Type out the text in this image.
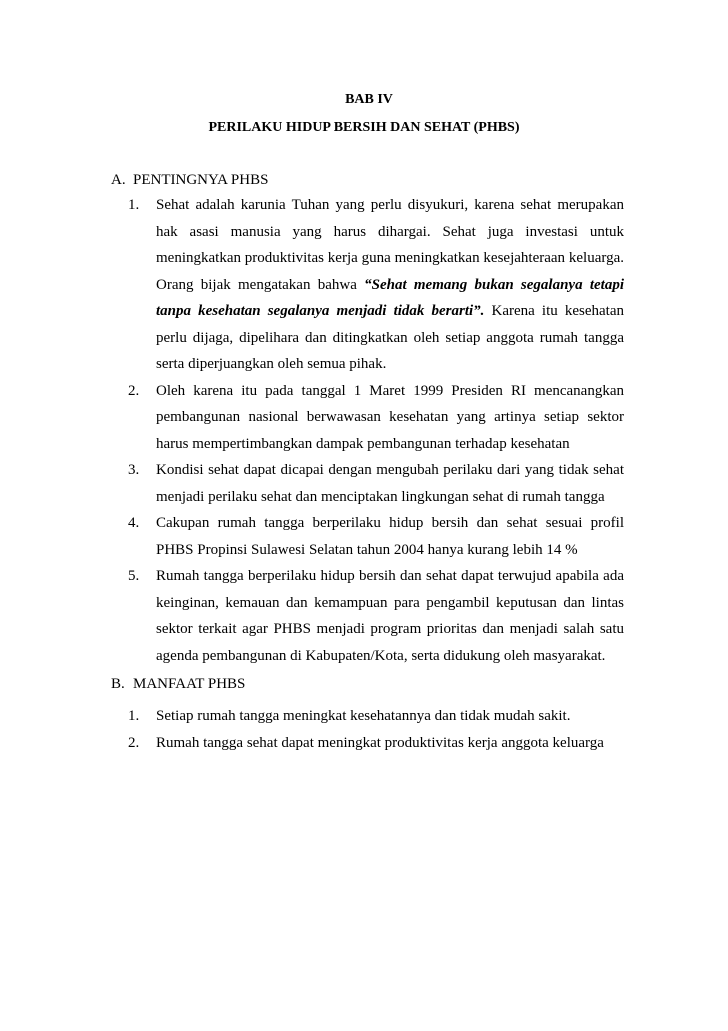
BAB IV
PERILAKU HIDUP BERSIH DAN SEHAT (PHBS)
A. PENTINGNYA PHBS
1. Sehat adalah karunia Tuhan yang perlu disyukuri, karena sehat merupakan hak asasi manusia yang harus dihargai. Sehat juga investasi untuk meningkatkan produktivitas kerja guna meningkatkan kesejahteraan keluarga. Orang bijak mengatakan bahwa “Sehat memang bukan segalanya tetapi tanpa kesehatan segalanya menjadi tidak berarti”. Karena itu kesehatan perlu dijaga, dipelihara dan ditingkatkan oleh setiap anggota rumah tangga serta diperjuangkan oleh semua pihak.
2. Oleh karena itu pada tanggal 1 Maret 1999 Presiden RI mencanangkan pembangunan nasional berwawasan kesehatan yang artinya setiap sektor harus mempertimbangkan dampak pembangunan terhadap kesehatan
3. Kondisi sehat dapat dicapai dengan mengubah perilaku dari yang tidak sehat menjadi perilaku sehat dan menciptakan lingkungan sehat di rumah tangga
4. Cakupan rumah tangga berperilaku hidup bersih dan sehat sesuai profil PHBS Propinsi Sulawesi Selatan tahun 2004 hanya kurang lebih 14 %
5. Rumah tangga berperilaku hidup bersih dan sehat dapat terwujud apabila ada keinginan, kemauan dan kemampuan para pengambil keputusan dan lintas sektor terkait agar PHBS menjadi program prioritas dan menjadi salah satu agenda pembangunan di Kabupaten/Kota, serta didukung oleh masyarakat.
B. MANFAAT PHBS
1. Setiap rumah tangga meningkat kesehatannya dan tidak mudah sakit.
2. Rumah tangga sehat dapat meningkat produktivitas kerja anggota keluarga
